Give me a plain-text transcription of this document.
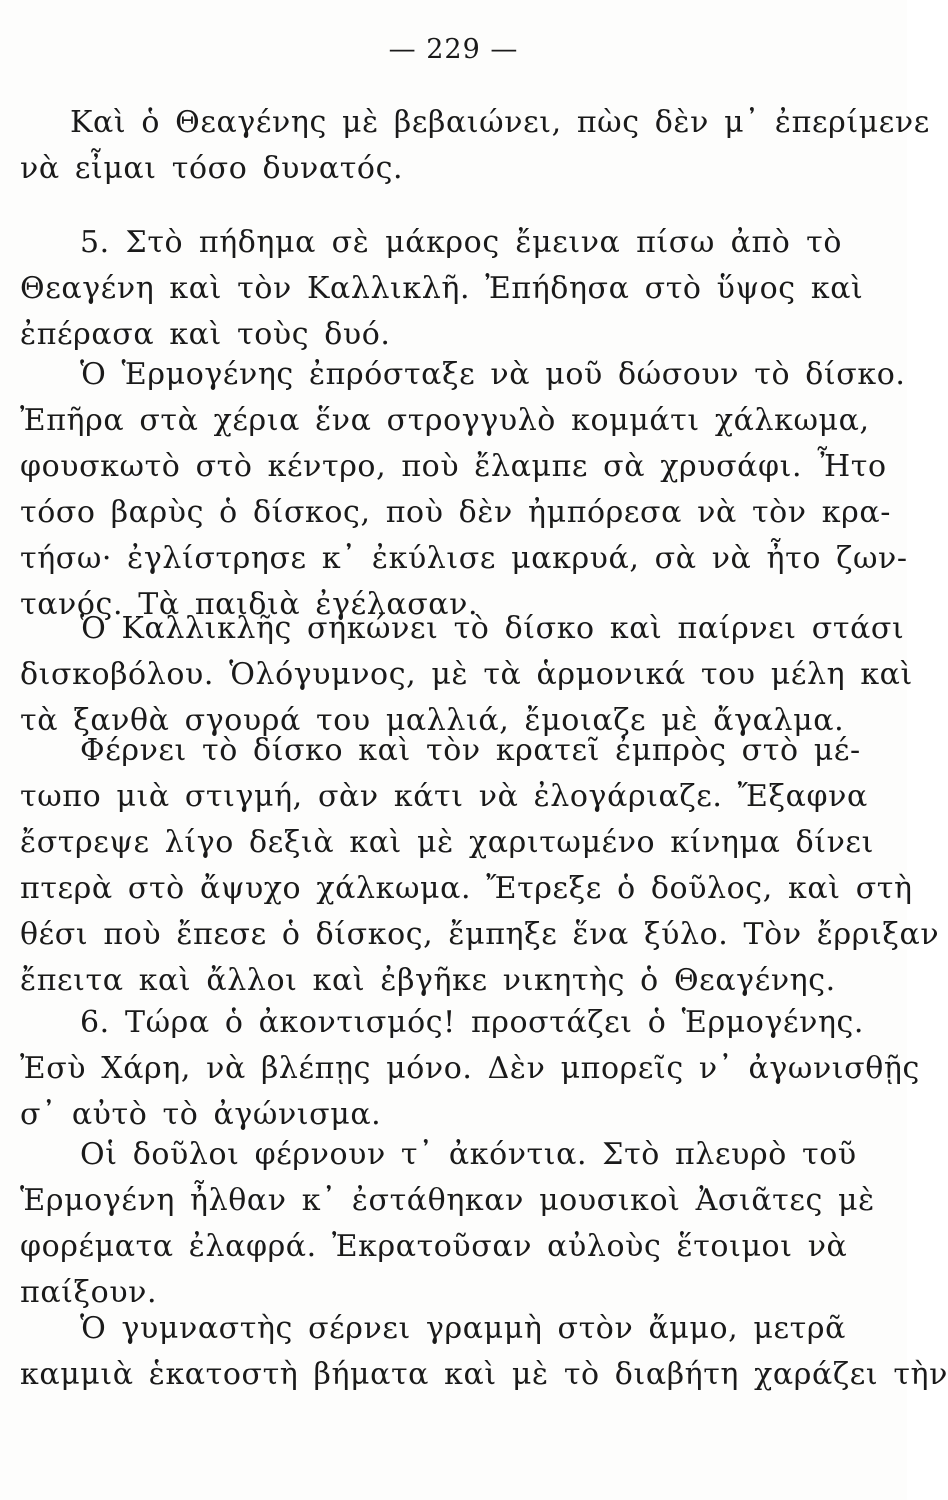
— 229 —
Καὶ ὁ Θεαγένης μὲ βεβαιώνει, πὼς δὲν μ᾽ ἐπερίμενε
νὰ εἶμαι τόσο δυνατός.
5. Στὸ πήδημα σὲ μάκρος ἔμεινα πίσω ἀπὸ τὸ
Θεαγένη καὶ τὸν Καλλικλῆ. Ἐπήδησα στὸ ὕψος καὶ
ἐπέρασα καὶ τοὺς δυό.
Ὁ Ἑρμογένης ἐπρόσταξε νὰ μοῦ δώσουν τὸ δίσκο.
Ἐπῆρα στὰ χέρια ἕνα στρογγυλὸ κομμάτι χάλκωμα,
φουσκωτὸ στὸ κέντρο, ποὺ ἔλαμπε σὰ χρυσάφι. Ἦτο
τόσο βαρὺς ὁ δίσκος, ποὺ δὲν ἠμπόρεσα νὰ τὸν κρα-
τήσω· ἐγλίστρησε κ᾽ ἐκύλισε μακρυά, σὰ νὰ ἦτο ζων-
τανός. Τὰ παιδιὰ ἐγέλασαν.
Ὁ Καλλικλῆς σηκώνει τὸ δίσκο καὶ παίρνει στάσι
δισκοβόλου. Ὁλόγυμνος, μὲ τὰ ἁρμονικά του μέλη καὶ
τὰ ξανθὰ σγουρά του μαλλιά, ἔμοιαζε μὲ ἄγαλμα.
Φέρνει τὸ δίσκο καὶ τὸν κρατεῖ ἐμπρὸς στὸ μέ-
τωπο μιὰ στιγμή, σὰν κάτι νὰ ἐλογάριαζε. Ἔξαφνα
ἔστρεψε λίγο δεξιὰ καὶ μὲ χαριτωμένο κίνημα δίνει
πτερὰ στὸ ἄψυχο χάλκωμα. Ἔτρεξε ὁ δοῦλος, καὶ στὴ
θέσι ποὺ ἔπεσε ὁ δίσκος, ἔμπηξε ἕνα ξύλο. Τὸν ἔρριξαν
ἔπειτα καὶ ἄλλοι καὶ ἐβγῆκε νικητὴς ὁ Θεαγένης.
6. Τώρα ὁ ἀκοντισμός! προστάζει ὁ Ἑρμογένης.
Ἐσὺ Χάρη, νὰ βλέπῃς μόνο. Δὲν μπορεῖς ν᾽ ἀγωνισθῇς
σ᾽ αὐτὸ τὸ ἀγώνισμα.
Οἱ δοῦλοι φέρνουν τ᾽ ἀκόντια. Στὸ πλευρὸ τοῦ
Ἑρμογένη ἦλθαν κ᾽ ἐστάθηκαν μουσικοὶ Ἀσιᾶτες μὲ
φορέματα ἐλαφρά. Ἐκρατοῦσαν αὐλοὺς ἕτοιμοι νὰ
παίξουν.
Ὁ γυμναστὴς σέρνει γραμμὴ στὸν ἄμμο, μετρᾶ
καμμιὰ ἑκατοστὴ βήματα καὶ μὲ τὸ διαβήτη χαράζει τὴν
